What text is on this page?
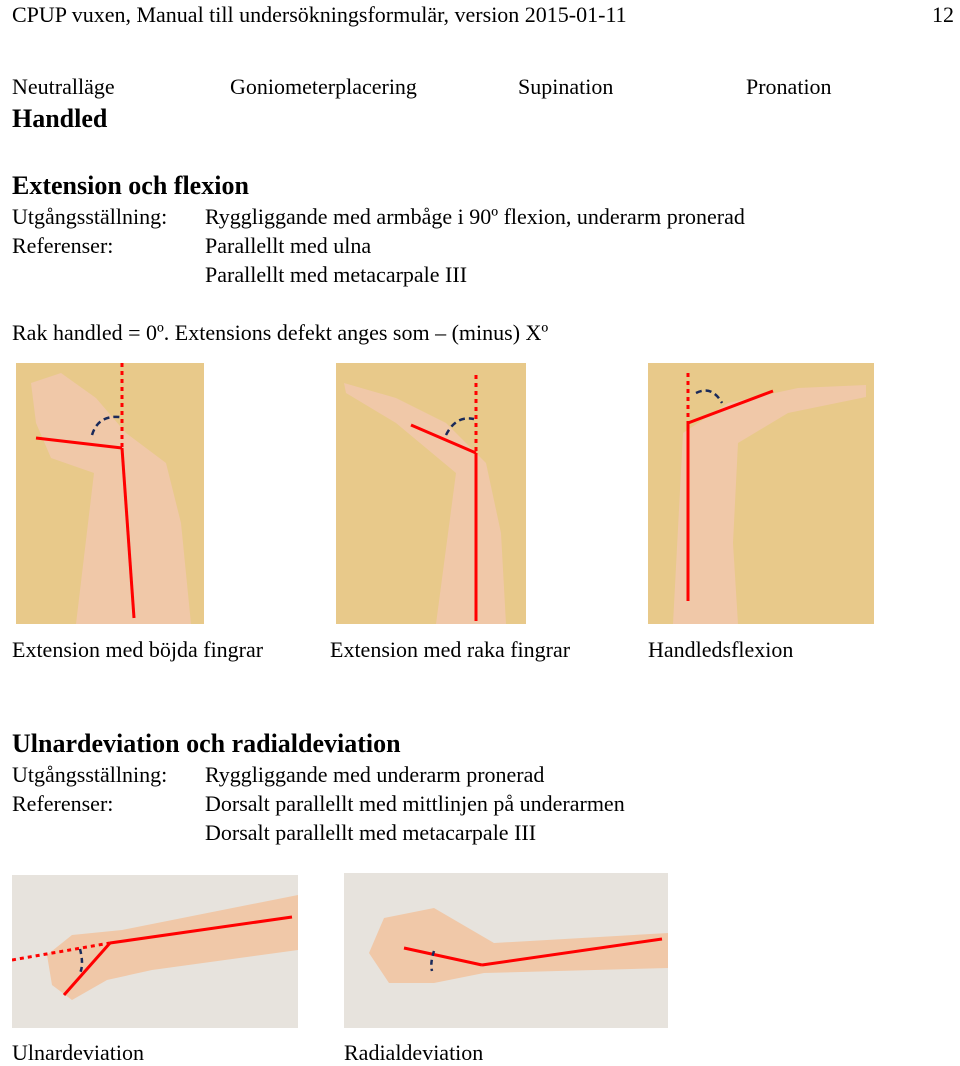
CPUP vuxen, Manual till undersökningsformulär, version 2015-01-11	12
Neutralläge	Goniometerplacering	Supination	Pronation
Handled
Extension och flexion
Utgångsställning: Ryggliggande med armbåge i 90º flexion, underarm pronerad
Referenser:	Parallellt med ulna
Parallellt med metacarpale III
Rak handled = 0º. Extensions defekt anges som – (minus) Xº
Extension med böjda fingrar	Extension med raka fingrar	Handledsflexion
Ulnardeviation och radialdeviation
Utgångsställning: Ryggliggande med underarm pronerad
Referenser:	Dorsalt parallellt med mittlinjen på underarmen
Dorsalt parallellt med metacarpale III
Ulnardeviation	Radialdeviation
